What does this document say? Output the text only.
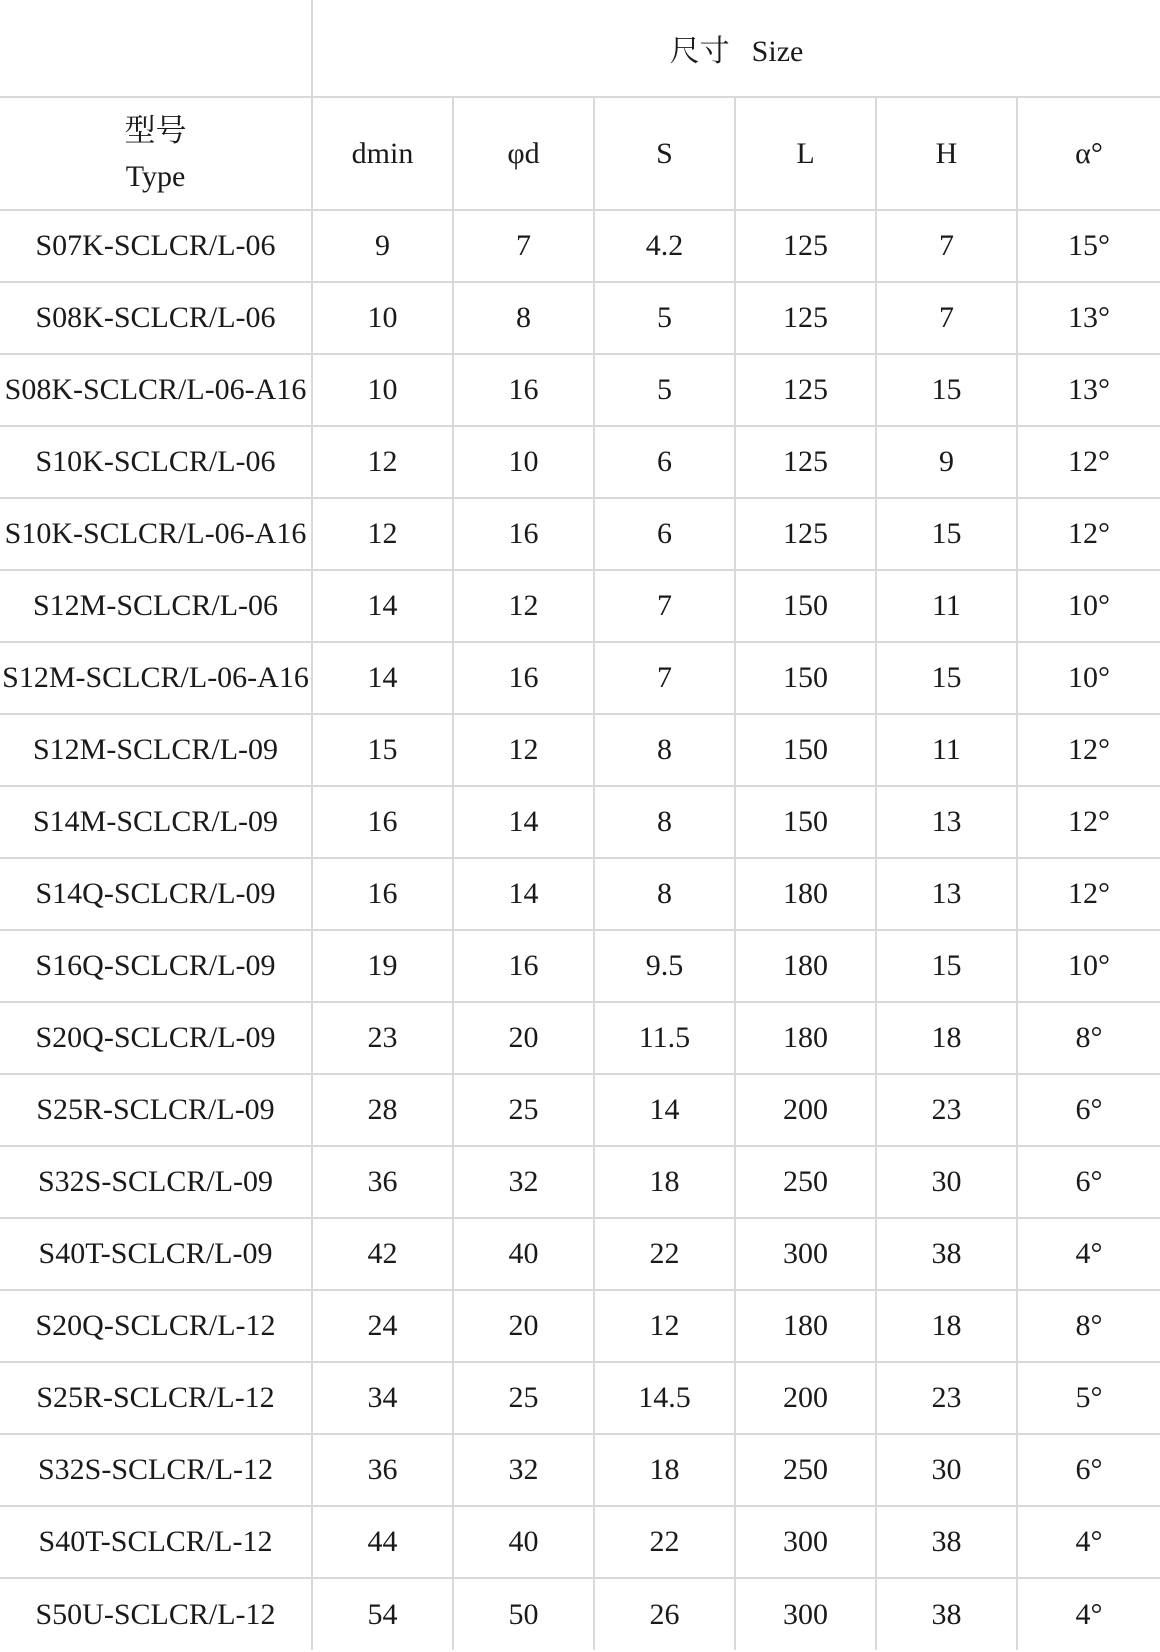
	尺寸 Size					

型号
Type	dmin	φd	S	L	H	α°
S07K-SCLCR/L-06	9	7	4.2	125	7	15°
S08K-SCLCR/L-06	10	8	5	125	7	13°
S08K-SCLCR/L-06-A16	10	16	5	125	15	13°
S10K-SCLCR/L-06	12	10	6	125	9	12°
S10K-SCLCR/L-06-A16	12	16	6	125	15	12°
S12M-SCLCR/L-06	14	12	7	150	11	10°
S12M-SCLCR/L-06-A16	14	16	7	150	15	10°
S12M-SCLCR/L-09	15	12	8	150	11	12°
S14M-SCLCR/L-09	16	14	8	150	13	12°
S14Q-SCLCR/L-09	16	14	8	180	13	12°
S16Q-SCLCR/L-09	19	16	9.5	180	15	10°
S20Q-SCLCR/L-09	23	20	11.5	180	18	8°
S25R-SCLCR/L-09	28	25	14	200	23	6°
S32S-SCLCR/L-09	36	32	18	250	30	6°
S40T-SCLCR/L-09	42	40	22	300	38	4°
S20Q-SCLCR/L-12	24	20	12	180	18	8°
S25R-SCLCR/L-12	34	25	14.5	200	23	5°
S32S-SCLCR/L-12	36	32	18	250	30	6°
S40T-SCLCR/L-12	44	40	22	300	38	4°
S50U-SCLCR/L-12	54	50	26	300	38	4°
